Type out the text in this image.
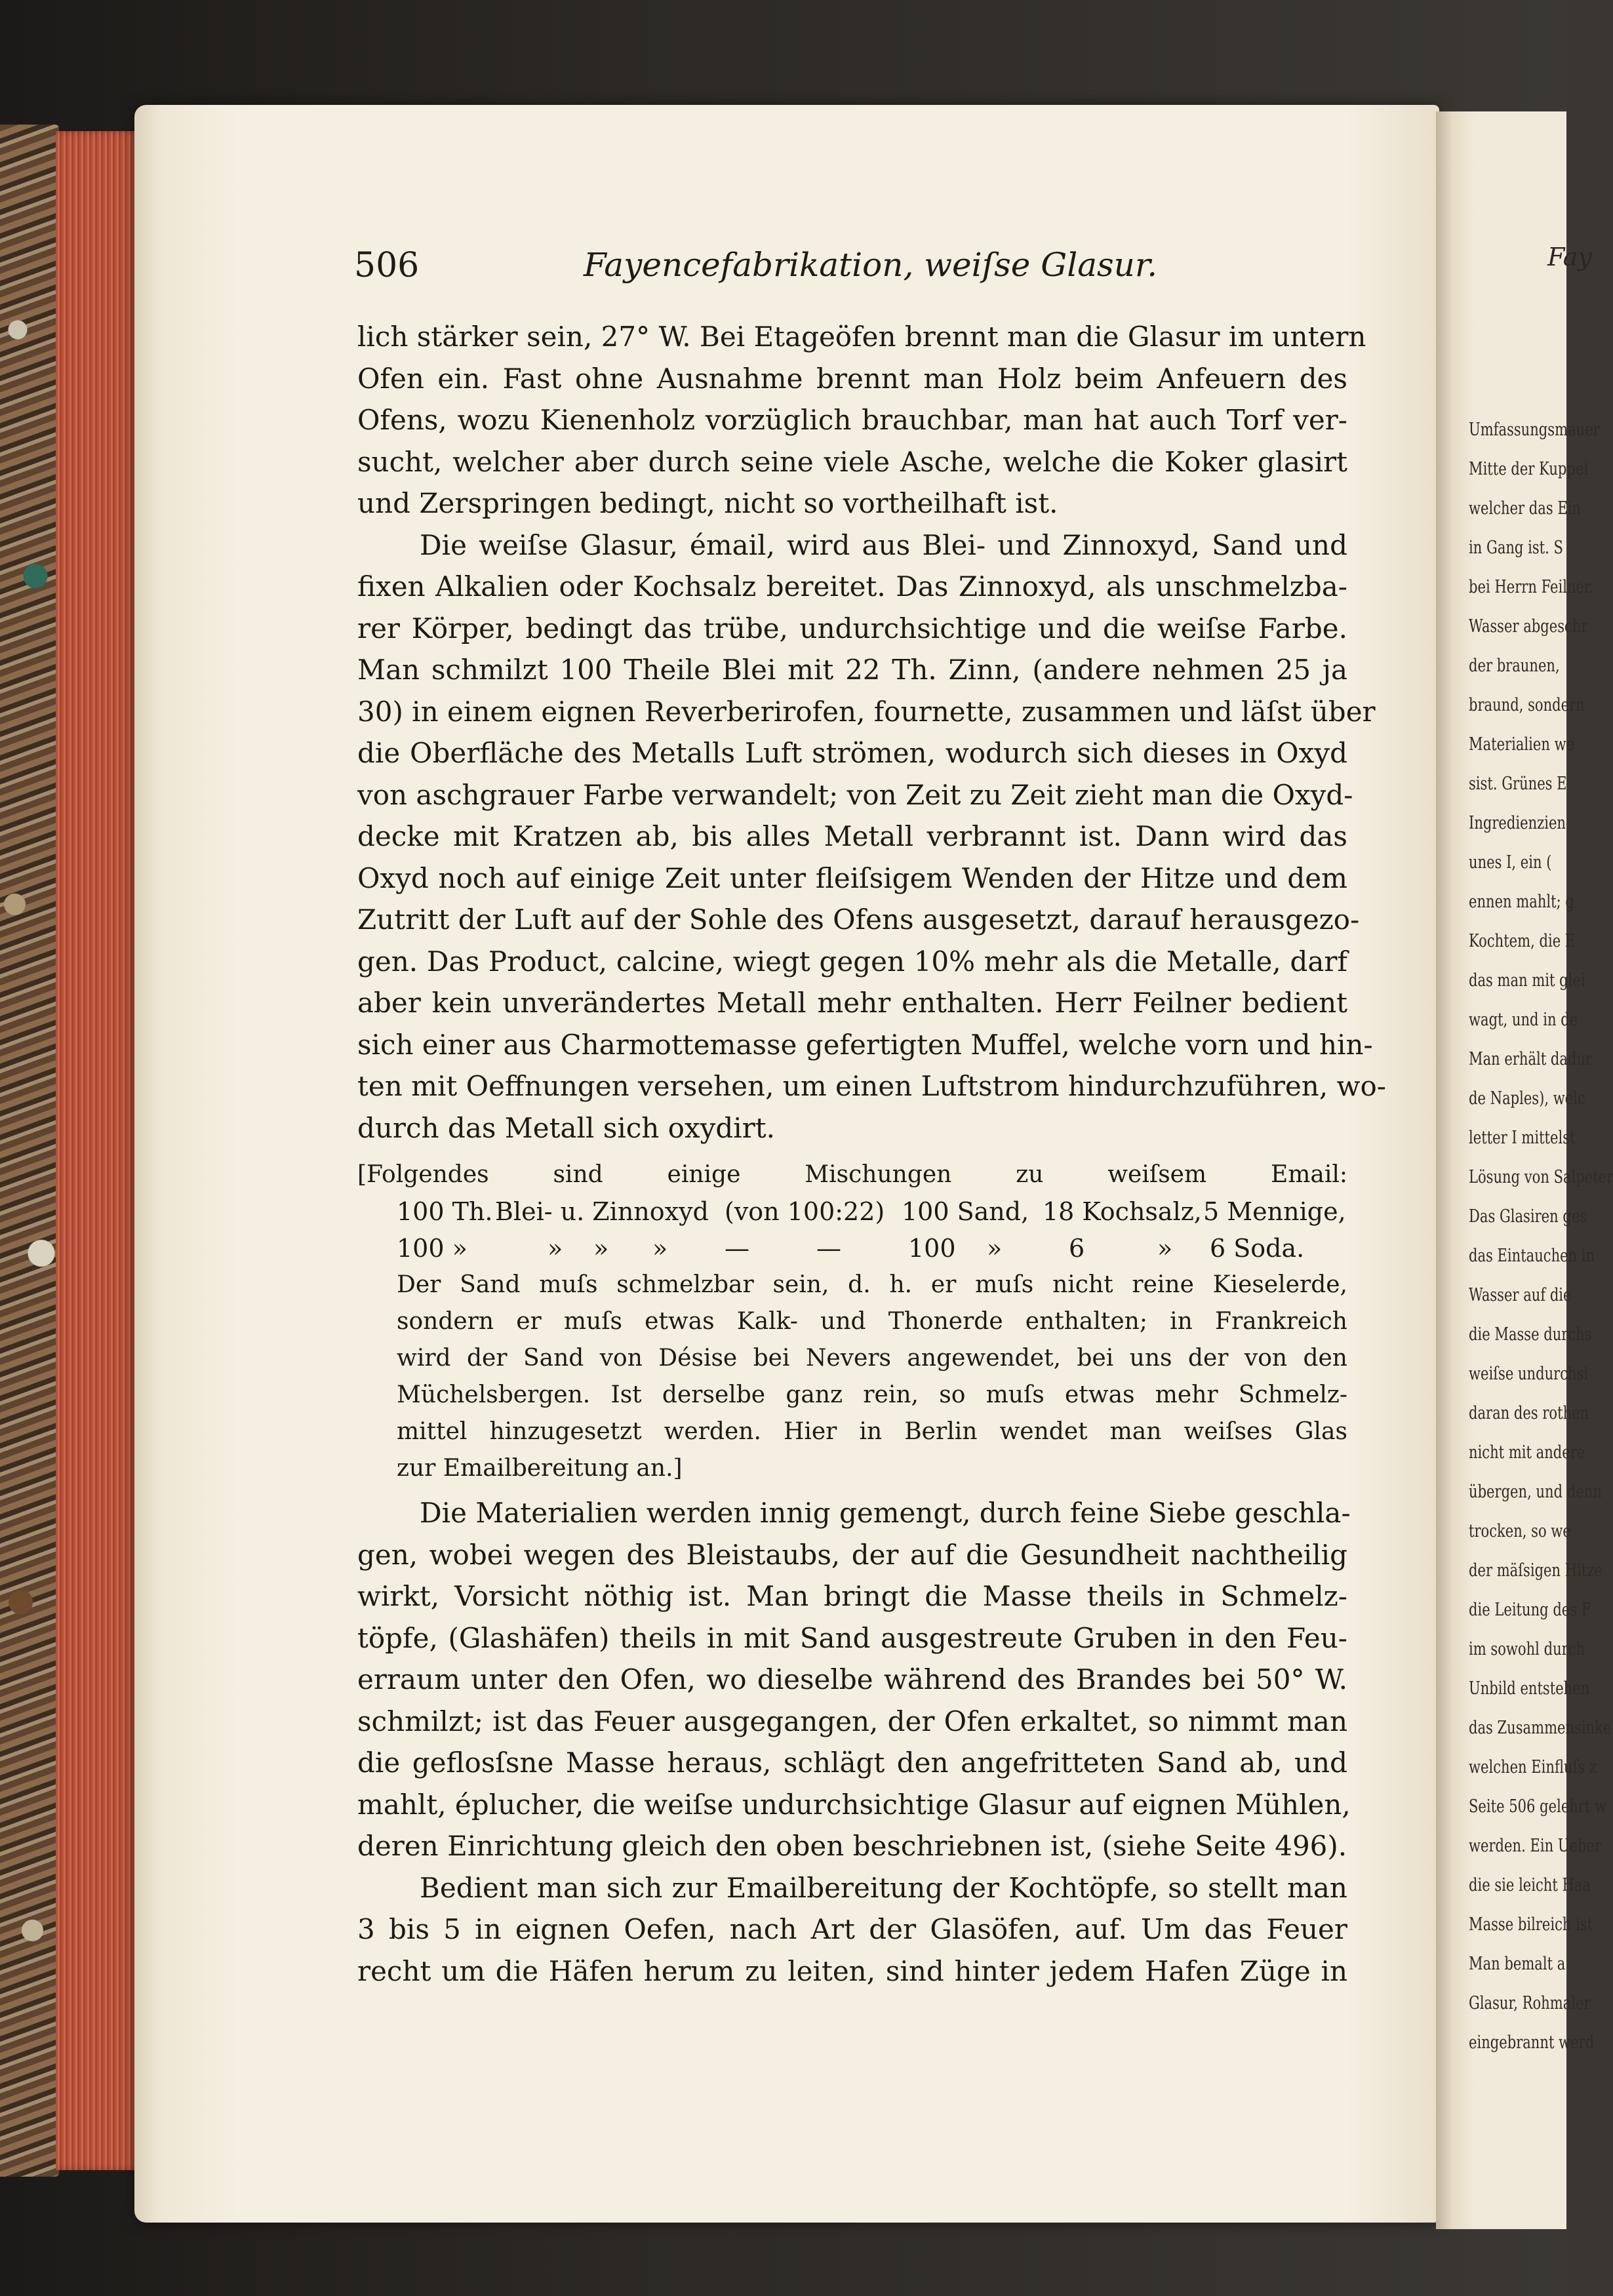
Fay
Umfassungsmauer
Mitte der Kuppel
welcher das Ein
in Gang ist. S
bei Herrn Feilner.
Wasser abgeschr
der braunen,
braund, sondern
Materialien we
sist. Grünes E
Ingredienzien
unes I, ein (
ennen mahlt; g
Kochtem, die E
das man mit glei
wagt, und in de
Man erhält dadur
de Naples), welc
letter I mittelst
Lösung von Salpeter
Das Glasiren ges
das Eintauchen in
Wasser auf die
die Masse durchs
weiſse undurchsi
daran des rothen
nicht mit andere
übergen, und denn
trocken, so we
der mäſsigen Hitze
die Leitung des F
im sowohl durch
Unbild entstehen
das Zusammensinke
welchen Einfluſs z
Seite 506 gelehrt w
werden. Ein Ueber
die sie leicht Haa
Masse bilreich ist
Man bemalt a
Glasur, Rohmaler
eingebrannt werd
506	Fayencefabrikation, weiſse Glasur.
lich stärker sein, 27° W. Bei Etageöfen brennt man die Glasur im untern
Ofen ein. Fast ohne Ausnahme brennt man Holz beim Anfeuern des
Ofens, wozu Kienenholz vorzüglich brauchbar, man hat auch Torf ver-
sucht, welcher aber durch seine viele Asche, welche die Koker glasirt
und Zerspringen bedingt, nicht so vortheilhaft ist.
Die weiſse Glasur, émail, wird aus Blei- und Zinnoxyd, Sand und
fixen Alkalien oder Kochsalz bereitet. Das Zinnoxyd, als unschmelzba-
rer Körper, bedingt das trübe, undurchsichtige und die weiſse Farbe.
Man schmilzt 100 Theile Blei mit 22 Th. Zinn, (andere nehmen 25 ja
30) in einem eignen Reverberirofen, fournette, zusammen und läſst über
die Oberfläche des Metalls Luft strömen, wodurch sich dieses in Oxyd
von aschgrauer Farbe verwandelt; von Zeit zu Zeit zieht man die Oxyd-
decke mit Kratzen ab, bis alles Metall verbrannt ist. Dann wird das
Oxyd noch auf einige Zeit unter fleiſsigem Wenden der Hitze und dem
Zutritt der Luft auf der Sohle des Ofens ausgesetzt, darauf herausgezo-
gen. Das Product, calcine, wiegt gegen 10% mehr als die Metalle, darf
aber kein unverändertes Metall mehr enthalten. Herr Feilner bedient
sich einer aus Charmottemasse gefertigten Muffel, welche vorn und hin-
ten mit Oeffnungen versehen, um einen Luftstrom hindurchzuführen, wo-
durch das Metall sich oxydirt.
[Folgendes sind einige Mischungen zu weiſsem Email:
100 Th. Blei- u. Zinnoxyd (von 100:22) 100 Sand, 18 Kochsalz, 5 Mennige,
100 »	» » » —	—	100 »	6	» 6 Soda.
Der Sand muſs schmelzbar sein, d. h. er muſs nicht reine Kieselerde,
sondern er muſs etwas Kalk- und Thonerde enthalten; in Frankreich
wird der Sand von Désise bei Nevers angewendet, bei uns der von den
Müchelsbergen. Ist derselbe ganz rein, so muſs etwas mehr Schmelz-
mittel hinzugesetzt werden. Hier in Berlin wendet man weiſses Glas
zur Emailbereitung an.]
Die Materialien werden innig gemengt, durch feine Siebe geschla-
gen, wobei wegen des Bleistaubs, der auf die Gesundheit nachtheilig
wirkt, Vorsicht nöthig ist. Man bringt die Masse theils in Schmelz-
töpfe, (Glashäfen) theils in mit Sand ausgestreute Gruben in den Feu-
erraum unter den Ofen, wo dieselbe während des Brandes bei 50° W.
schmilzt; ist das Feuer ausgegangen, der Ofen erkaltet, so nimmt man
die geflosſsne Masse heraus, schlägt den angefritteten Sand ab, und
mahlt, éplucher, die weiſse undurchsichtige Glasur auf eignen Mühlen,
deren Einrichtung gleich den oben beschriebnen ist, (siehe Seite 496).
Bedient man sich zur Emailbereitung der Kochtöpfe, so stellt man
3 bis 5 in eignen Oefen, nach Art der Glasöfen, auf. Um das Feuer
recht um die Häfen herum zu leiten, sind hinter jedem Hafen Züge in
